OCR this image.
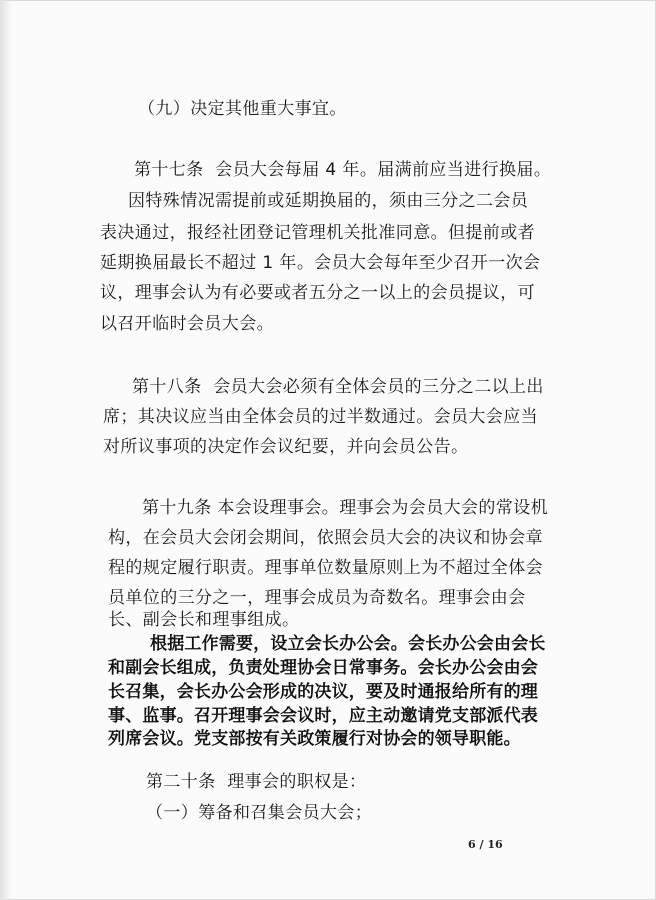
（九）决定其他重大事宜。

第十七条  会员大会每届 4 年。届满前应当进行换届。

因特殊情况需提前或延期换届的，须由三分之二会员

表决通过，报经社团登记管理机关批准同意。但提前或者

延期换届最长不超过 1 年。会员大会每年至少召开一次会

议，理事会认为有必要或者五分之一以上的会员提议，可

以召开临时会员大会。

第十八条  会员大会必须有全体会员的三分之二以上出

席；其决议应当由全体会员的过半数通过。会员大会应当

对所议事项的决定作会议纪要，并向会员公告。

第十九条 本会设理事会。理事会为会员大会的常设机

构，在会员大会闭会期间，依照会员大会的决议和协会章

程的规定履行职责。理事单位数量原则上为不超过全体会

员单位的三分之一，理事会成员为奇数名。理事会由会

长、副会长和理事组成。

根据工作需要，设立会长办公会。会长办公会由会长

和副会长组成，负责处理协会日常事务。会长办公会由会

长召集，会长办公会形成的决议，要及时通报给所有的理

事、监事。召开理事会会议时，应主动邀请党支部派代表

列席会议。党支部按有关政策履行对协会的领导职能。

第二十条  理事会的职权是：

（一）筹备和召集会员大会；

6 / 16
